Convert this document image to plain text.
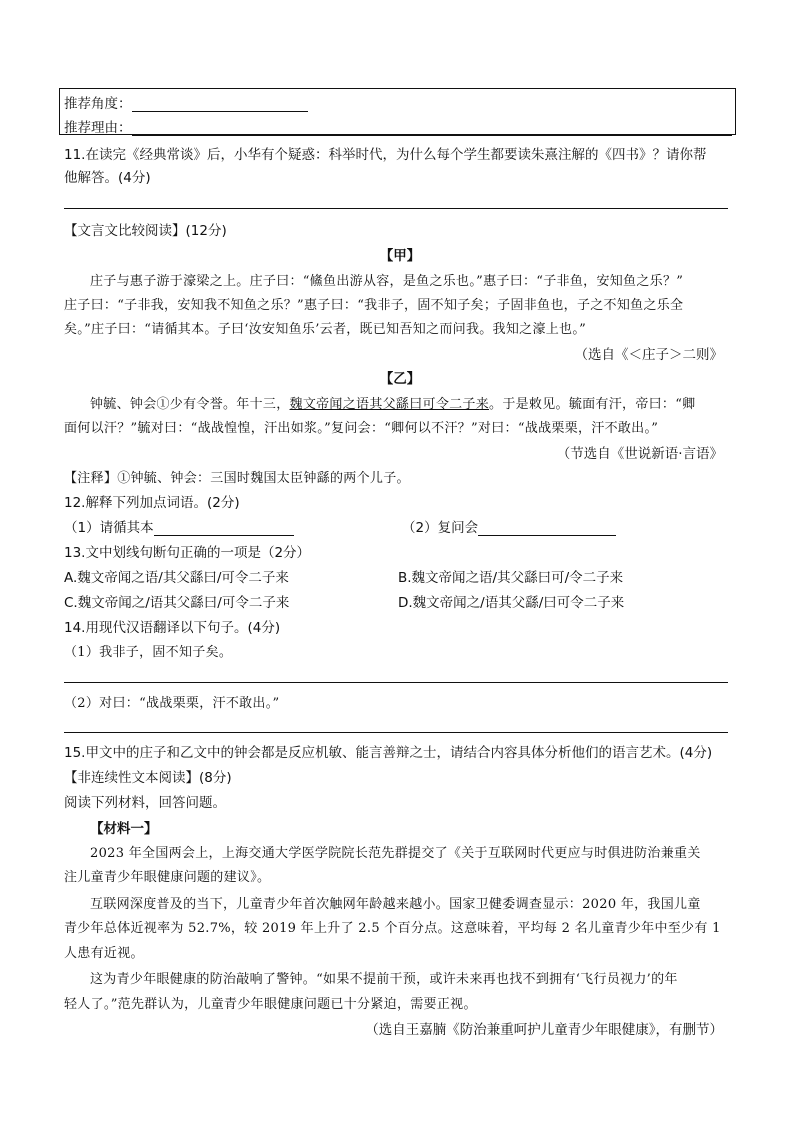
推荐角度：
推荐理由：
11.在读完《经典常谈》后，小华有个疑惑：科举时代，为什么每个学生都要读朱熹注解的《四书》？请你帮
他解答。(4分)
【文言文比较阅读】(12分)
【甲】
庄子与惠子游于濠梁之上。庄子曰：“鯈鱼出游从容，是鱼之乐也。”惠子曰：“子非鱼，安知鱼之乐？”
庄子曰：“子非我，安知我不知鱼之乐？”惠子曰：“我非子，固不知子矣；子固非鱼也，子之不知鱼之乐全
矣。”庄子曰：“请循其本。子曰‘汝安知鱼乐’云者，既已知吾知之而问我。我知之濠上也。”
（选自《＜庄子＞二则》
【乙】
钟毓、钟会①少有令誉。年十三，魏文帝闻之语其父繇曰可令二子来。于是敕见。毓面有汗，帝曰：“卿
面何以汗？”毓对曰：“战战惶惶，汗出如浆。”复问会：“卿何以不汗？”对曰：“战战栗栗，汗不敢出。”
（节选自《世说新语·言语》
【注释】①钟毓、钟会：三国时魏国太臣钟繇的两个儿子。
12.解释下列加点词语。(2分)
（1）请循其本	（2）复问会
13.文中划线句断句正确的一项是（2分）
A.魏文帝闻之语/其父繇曰/可令二子来	B.魏文帝闻之语/其父繇曰可/令二子来
C.魏文帝闻之/语其父繇曰/可令二子来	D.魏文帝闻之/语其父繇/曰可令二子来
14.用现代汉语翻译以下句子。(4分)
（1）我非子，固不知子矣。
（2）对曰：“战战栗栗，汗不敢出。”
15.甲文中的庄子和乙文中的钟会都是反应机敏、能言善辩之士，请结合内容具体分析他们的语言艺术。(4分)
【非连续性文本阅读】(8分)
阅读下列材料，回答问题。
【材料一】
2023 年全国两会上，上海交通大学医学院院长范先群提交了《关于互联网时代更应与时俱进防治兼重关
注儿童青少年眼健康问题的建议》。
互联网深度普及的当下，儿童青少年首次触网年龄越来越小。国家卫健委调查显示：2020 年，我国儿童
青少年总体近视率为 52.7%，较 2019 年上升了 2.5 个百分点。这意味着，平均每 2 名儿童青少年中至少有 1
人患有近视。
这为青少年眼健康的防治敲响了警钟。“如果不提前干预，或许未来再也找不到拥有‘飞行员视力’的年
轻人了。”范先群认为，儿童青少年眼健康问题已十分紧迫，需要正视。
（选自王嘉腩《防治兼重呵护儿童青少年眼健康》，有删节）
